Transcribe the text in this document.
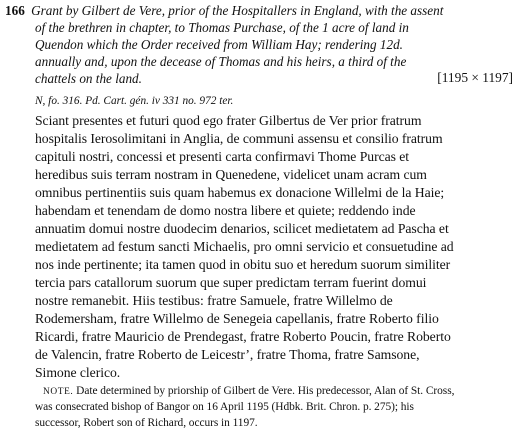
166 Grant by Gilbert de Vere, prior of the Hospitallers in England, with the assent
of the brethren in chapter, to Thomas Purchase, of the 1 acre of land in
Quendon which the Order received from William Hay; rendering 12d.
annually and, upon the decease of Thomas and his heirs, a third of the
chattels on the land.	[1195 × 1197]
N, fo. 316. Pd. Cart. gén. iv 331 no. 972 ter.
Sciant presentes et futuri quod ego frater Gilbertus de Ver prior fratrum
hospitalis Ierosolimitani in Anglia, de communi assensu et consilio fratrum
capituli nostri, concessi et presenti carta confirmavi Thome Purcas et
heredibus suis terram nostram in Quenedene, videlicet unam acram cum
omnibus pertinentiis suis quam habemus ex donacione Willelmi de la Haie;
habendam et tenendam de domo nostra libere et quiete; reddendo inde
annuatim domui nostre duodecim denarios, scilicet medietatem ad Pascha et
medietatem ad festum sancti Michaelis, pro omni servicio et consuetudine ad
nos inde pertinente; ita tamen quod in obitu suo et heredum suorum similiter
tercia pars catallorum suorum que super predictam terram fuerint domui
nostre remanebit. Hiis testibus: fratre Samuele, fratre Willelmo de
Rodemersham, fratre Willelmo de Senegeia capellanis, fratre Roberto filio
Ricardi, fratre Mauricio de Prendegast, fratre Roberto Poucin, fratre Roberto
de Valencin, fratre Roberto de Leicestr’, fratre Thoma, fratre Samsone,
Simone clerico.
NOTE. Date determined by priorship of Gilbert de Vere. His predecessor, Alan of St. Cross,
was consecrated bishop of Bangor on 16 April 1195 (Hdbk. Brit. Chron. p. 275); his
successor, Robert son of Richard, occurs in 1197.
